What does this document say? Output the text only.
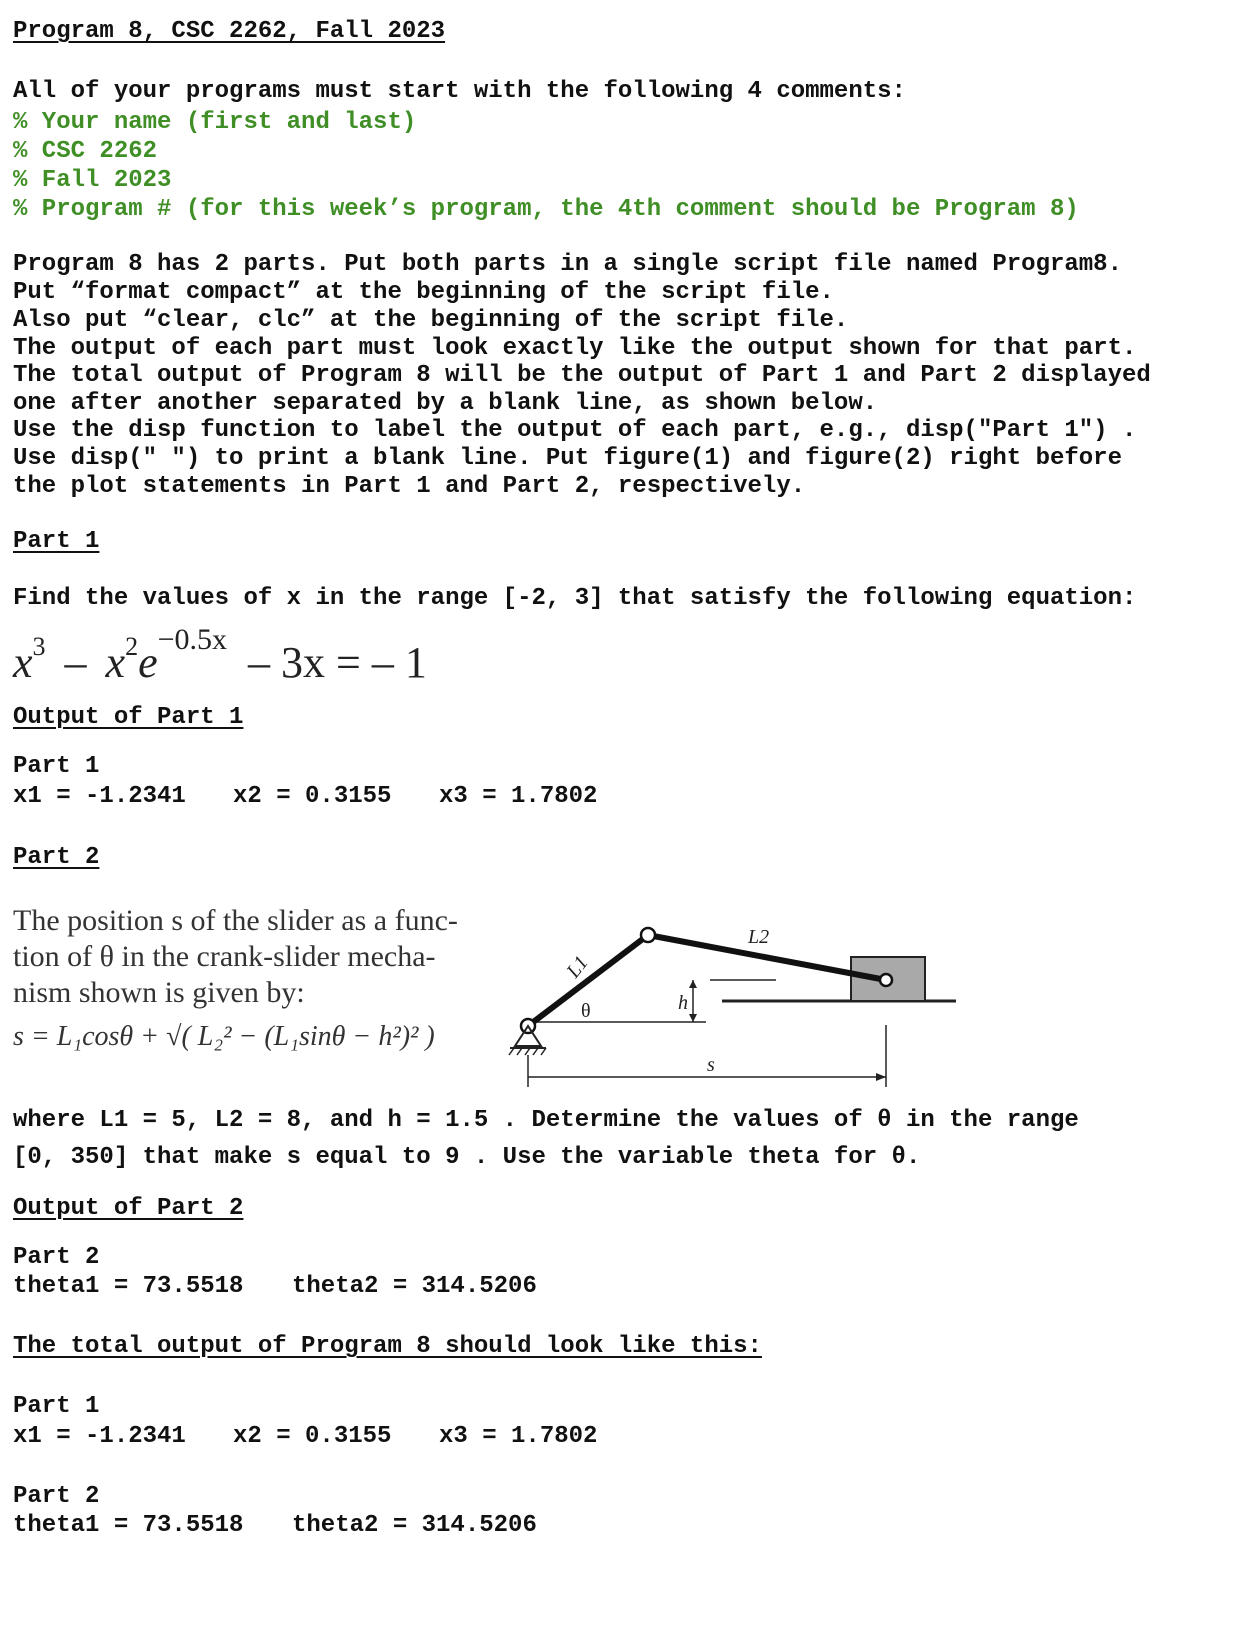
Program 8, CSC 2262, Fall 2023
All of your programs must start with the following 4 comments:
% Your name (first and last)
% CSC 2262
% Fall 2023
% Program # (for this week’s program, the 4th comment should be Program 8)
Program 8 has 2 parts. Put both parts in a single script file named Program8.
Put “format compact” at the beginning of the script file.
Also put “clear, clc” at the beginning of the script file.
The output of each part must look exactly like the output shown for that part.
The total output of Program 8 will be the output of Part 1 and Part 2 displayed
one after another separated by a blank line, as shown below.
Use the disp function to label the output of each part, e.g., disp("Part 1") .
Use disp(" ") to print a blank line. Put figure(1) and figure(2) right before
the plot statements in Part 1 and Part 2, respectively.
Part 1
Find the values of x in the range [-2, 3] that satisfy the following equation:
$x^3 - x^2e^{-0.5x} - 3x$ = – 1
Output of Part 1
Part 1
x1 = -1.2341 x2 = 0.3155 x3 = 1.7802
Part 2
The position s of the slider as a func-
tion of θ in the crank-slider mecha-
nism shown is given by:
s = L₁cosθ + √( L₂² − (L₁sinθ − h²)² )
L1
L2
θ	h
s
where L1 = 5, L2 = 8, and h = 1.5 . Determine the values of θ in the range
[0, 350] that make s equal to 9 . Use the variable theta for θ.
Output of Part 2
Part 2
theta1 = 73.5518 theta2 = 314.5206
The total output of Program 8 should look like this:
Part 1
x1 = -1.2341 x2 = 0.3155 x3 = 1.7802
Part 2
theta1 = 73.5518 theta2 = 314.5206
